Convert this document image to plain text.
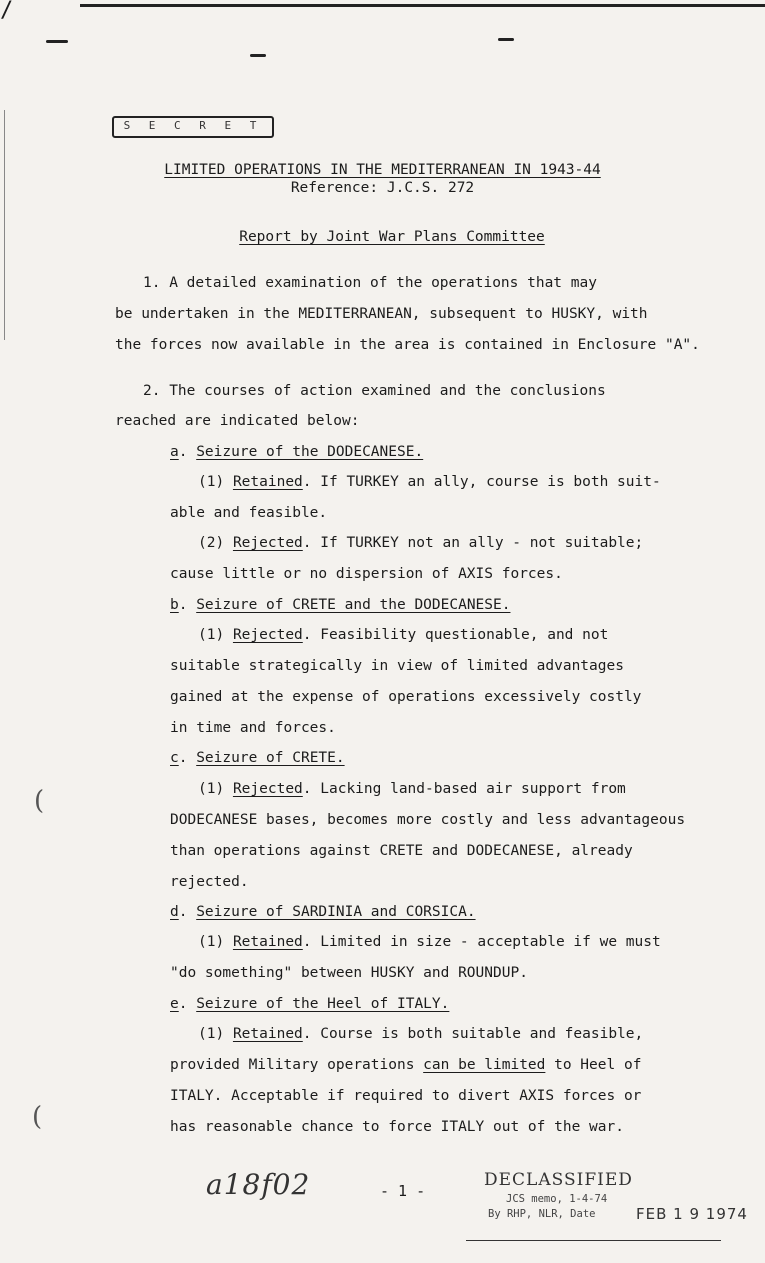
/
S E C R E T
LIMITED OPERATIONS IN THE MEDITERRANEAN IN 1943-44
Reference: J.C.S. 272
Report by Joint War Plans Committee
1. A detailed examination of the operations that may
be undertaken in the MEDITERRANEAN, subsequent to HUSKY, with
the forces now available in the area is contained in Enclosure "A".
2. The courses of action examined and the conclusions
reached are indicated below:
a. Seizure of the DODECANESE.
(1) Retained. If TURKEY an ally, course is both suit-
able and feasible.
(2) Rejected. If TURKEY not an ally - not suitable;
cause little or no dispersion of AXIS forces.
b. Seizure of CRETE and the DODECANESE.
(1) Rejected. Feasibility questionable, and not
suitable strategically in view of limited advantages
gained at the expense of operations excessively costly
in time and forces.
c. Seizure of CRETE.
(1) Rejected. Lacking land-based air support from
DODECANESE bases, becomes more costly and less advantageous
than operations against CRETE and DODECANESE, already
rejected.
d. Seizure of SARDINIA and CORSICA.
(1) Retained. Limited in size - acceptable if we must
"do something" between HUSKY and ROUNDUP.
e. Seizure of the Heel of ITALY.
(1) Retained. Course is both suitable and feasible,
provided Military operations can be limited to Heel of
ITALY. Acceptable if required to divert AXIS forces or
has reasonable chance to force ITALY out of the war.
(
(
a18f02	- 1 -
DECLASSIFIED
JCS memo, 1-4-74
By RHP, NLR, Date	FEB 1 9 1974
